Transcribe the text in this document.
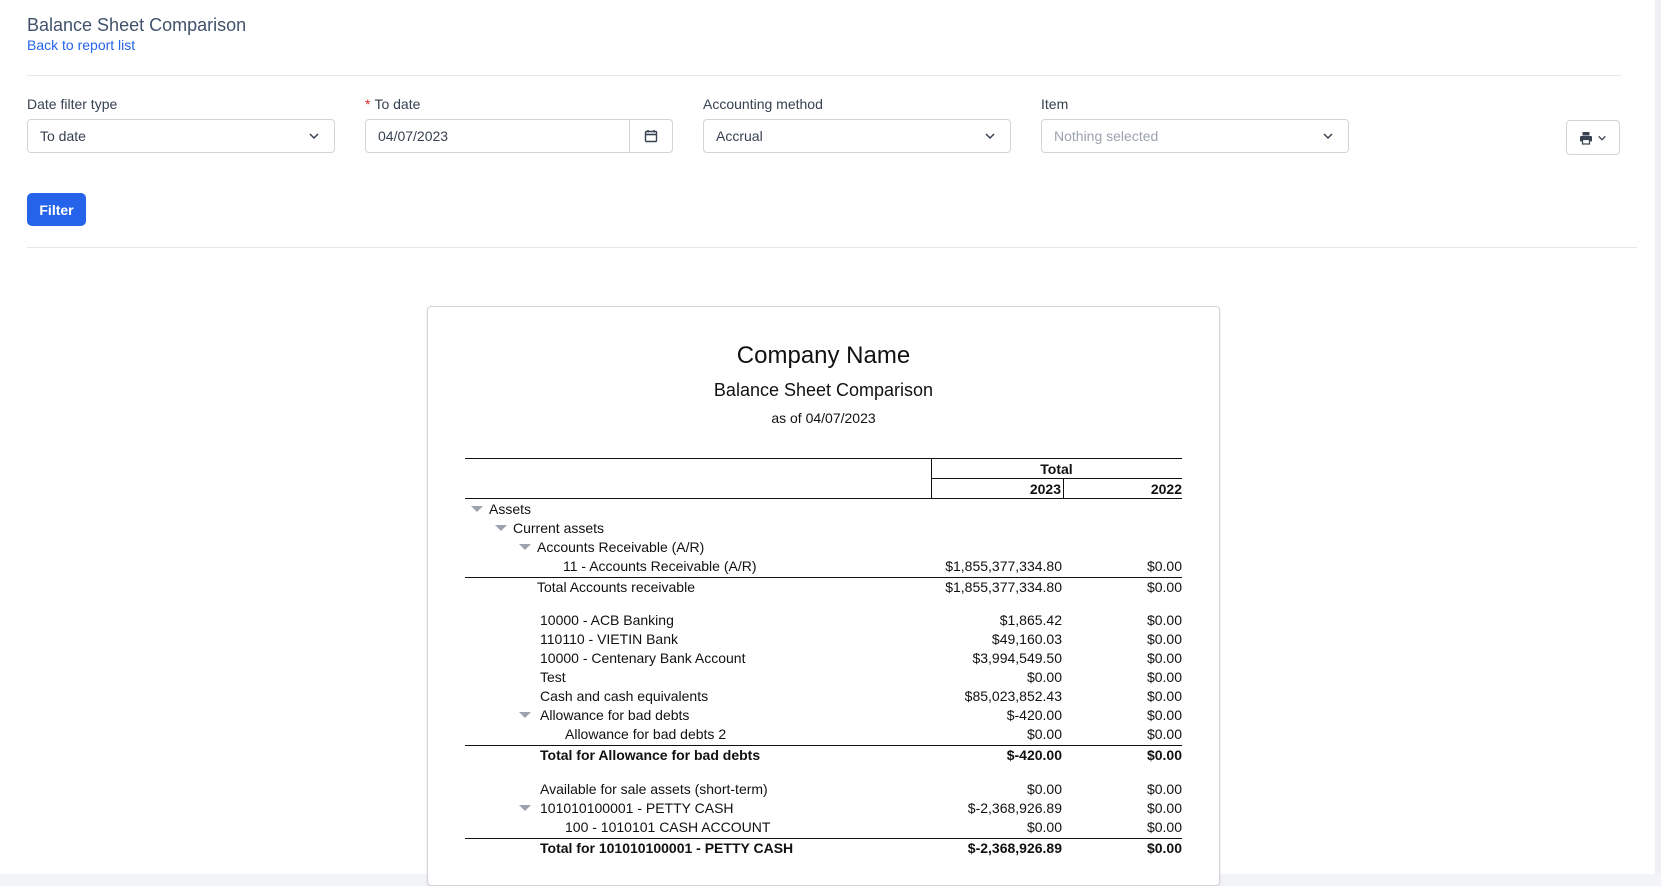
Balance Sheet Comparison
Back to report list
Date filter type
To date
* To date
04/07/2023	Accounting method
Accrual
Item
Nothing selected
Filter
Company Name
Balance Sheet Comparison
as of 04/07/2023
Total
2023	2022
Assets
Current assets
Accounts Receivable (A/R)
11 - Accounts Receivable (A/R)	$1,855,377,334.80	$0.00
Total Accounts receivable	$1,855,377,334.80	$0.00
10000 - ACB Banking	$1,865.42	$0.00
110110 - VIETIN Bank	$49,160.03	$0.00
10000 - Centenary Bank Account	$3,994,549.50	$0.00
Test	$0.00	$0.00
Cash and cash equivalents	$85,023,852.43	$0.00
Allowance for bad debts	$-420.00	$0.00
Allowance for bad debts 2	$0.00	$0.00
Total for Allowance for bad debts	$-420.00	$0.00
Available for sale assets (short-term)	$0.00	$0.00
101010100001 - PETTY CASH	$-2,368,926.89	$0.00
100 - 1010101 CASH ACCOUNT	$0.00	$0.00
Total for 101010100001 - PETTY CASH	$-2,368,926.89	$0.00
